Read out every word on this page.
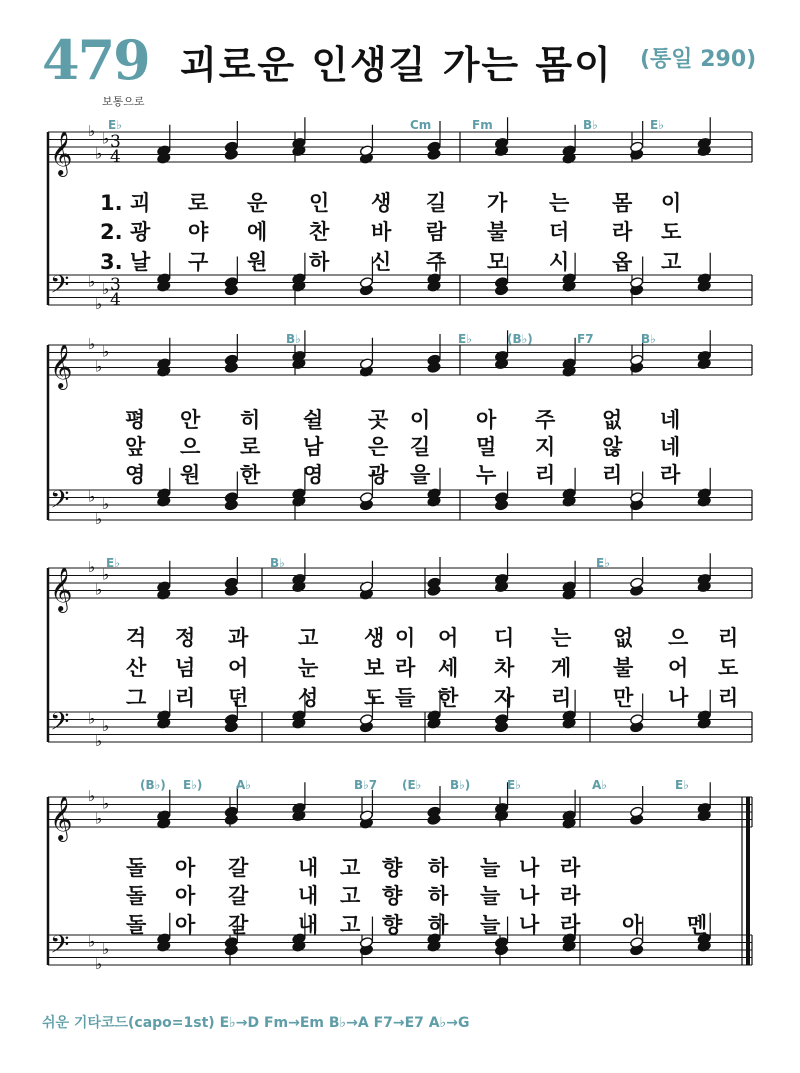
479 괴로운 인생길 가는 몸이 (통일 290)
보통으로
𝄞
♭
♭
♭ 3
4
𝄢 ♭
♭
♭ 3
4
𝄞
♭
♭
♭
𝄢 ♭
♭
♭
𝄞
♭
♭
♭
𝄢 ♭
♭
♭
𝄞
♭
♭
♭
𝄢 ♭
♭
♭
E♭	Cm	Fm	B♭	E♭
B♭	E♭	(B♭)	F7	B♭
E♭	B♭	E♭
(B♭) E♭)	A♭	B♭7 (E♭ B♭)	E♭	A♭	E♭
1. 괴 로 운 인 생 길 가 는 몸 이
2. 광 야 에 찬 바 람 불 더 라 도
3. 날 구 원 하 신 주 모 시 옵 고
평 안 히 쉴 곳 이 아 주 없 네
앞 으 로 남 은 길 멀 지 않 네
영 원 한 영 광 을 누 리 리 라
걱 정 과 고 생 이 어 디 는 없 으 리
산 넘 어 눈 보 라 세 차 게 불 어 도
그 리 던 성 도 들 한 자 리 만 나 리
돌 아 갈 내 고 향 하 늘 나 라
돌 아 갈 내 고 향 하 늘 나 라
돌 아 갈 내 고 향 하 늘 나 라 아 멘
쉬운 기타코드(capo=1st) E♭→D Fm→Em B♭→A F7→E7 A♭→G
